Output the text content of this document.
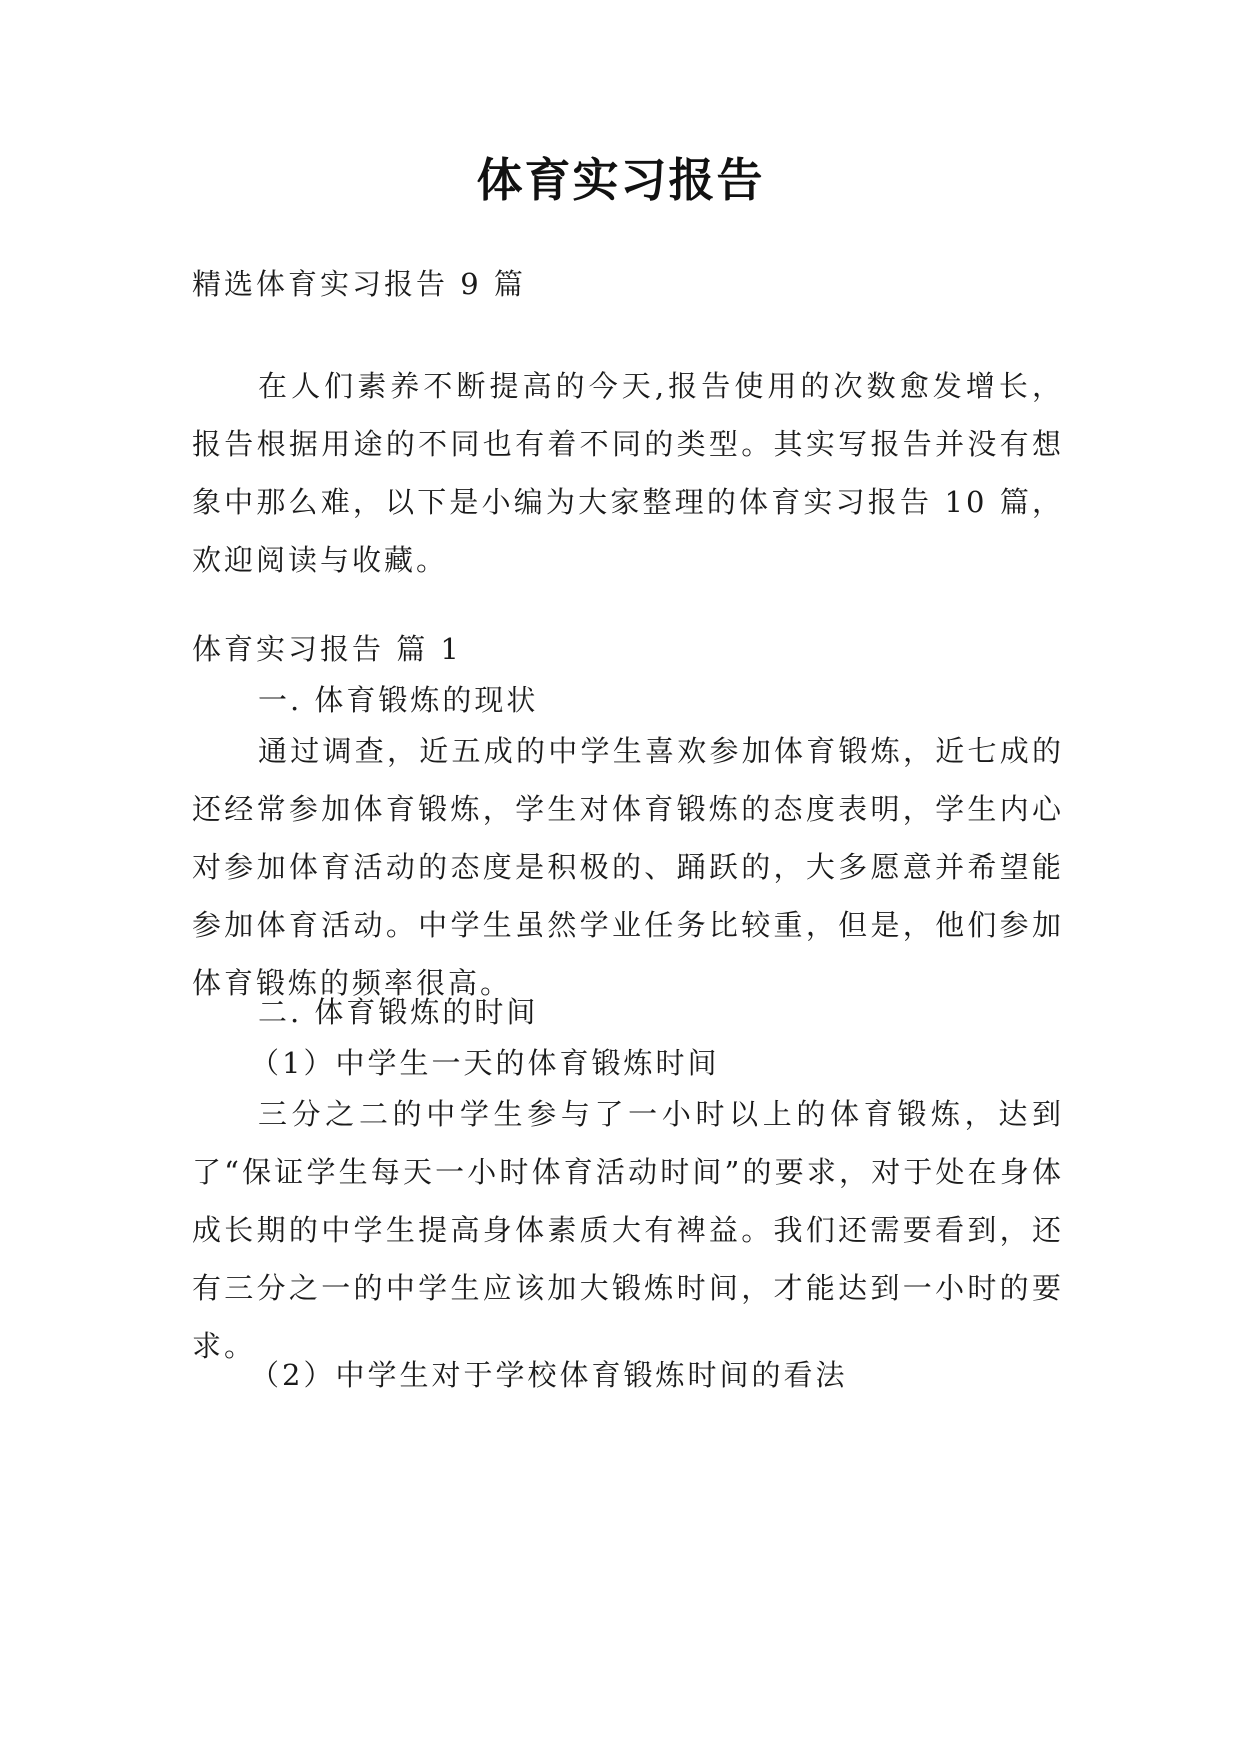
体育实习报告
精选体育实习报告 9 篇
在人们素养不断提高的今天,报告使用的次数愈发增长，报告根据用途的不同也有着不同的类型。其实写报告并没有想象中那么难，以下是小编为大家整理的体育实习报告 10 篇，欢迎阅读与收藏。
体育实习报告 篇 1
一. 体育锻炼的现状
通过调查，近五成的中学生喜欢参加体育锻炼，近七成的还经常参加体育锻炼，学生对体育锻炼的态度表明，学生内心对参加体育活动的态度是积极的、踊跃的，大多愿意并希望能参加体育活动。中学生虽然学业任务比较重，但是，他们参加体育锻炼的频率很高。
二. 体育锻炼的时间
（1）中学生一天的体育锻炼时间
三分之二的中学生参与了一小时以上的体育锻炼，达到了“保证学生每天一小时体育活动时间”的要求，对于处在身体成长期的中学生提高身体素质大有裨益。我们还需要看到，还有三分之一的中学生应该加大锻炼时间，才能达到一小时的要求。
（2）中学生对于学校体育锻炼时间的看法
